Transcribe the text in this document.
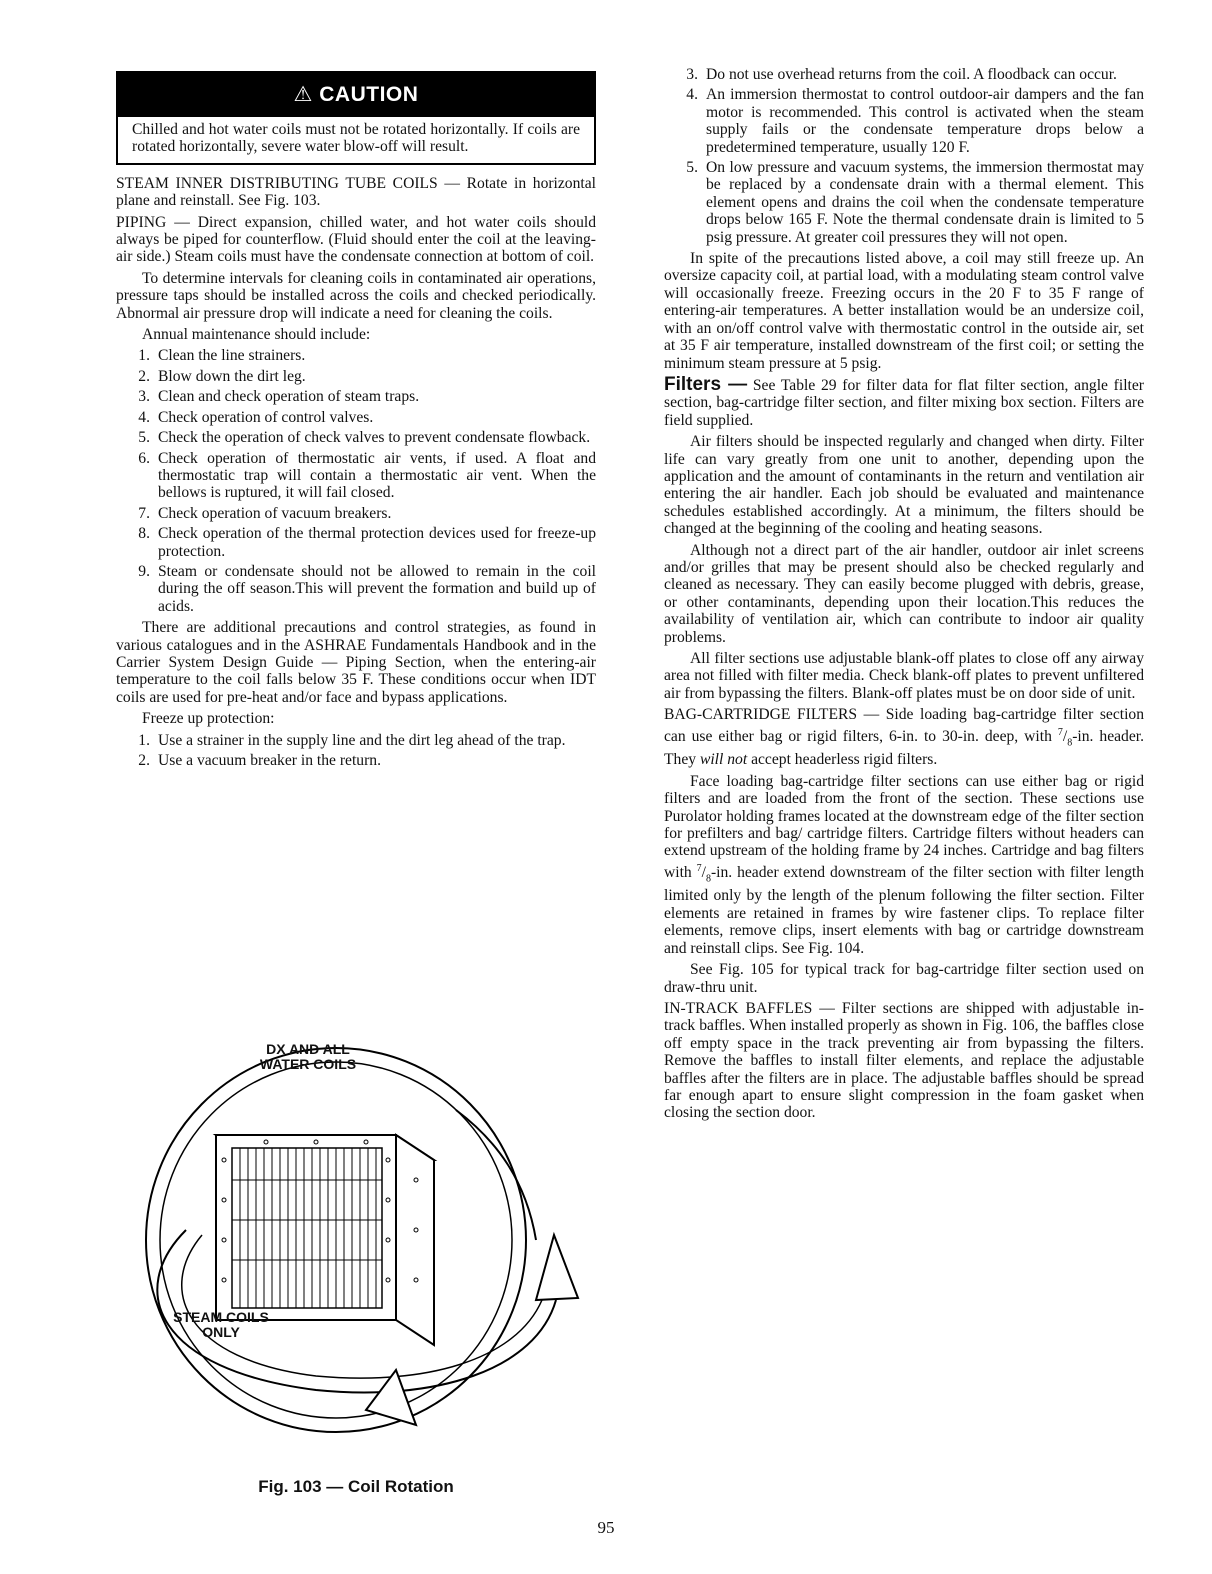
⚠ CAUTION
Chilled and hot water coils must not be rotated horizontally. If coils are rotated horizontally, severe water blow-off will result.

STEAM INNER DISTRIBUTING TUBE COILS — Rotate in horizontal plane and reinstall. See Fig. 103.

PIPING — Direct expansion, chilled water, and hot water coils should always be piped for counterflow. (Fluid should enter the coil at the leaving-air side.) Steam coils must have the condensate connection at bottom of coil.

To determine intervals for cleaning coils in contaminated air operations, pressure taps should be installed across the coils and checked periodically. Abnormal air pressure drop will indicate a need for cleaning the coils.

Annual maintenance should include:

1. Clean the line strainers.
2. Blow down the dirt leg.
3. Clean and check operation of steam traps.
4. Check operation of control valves.
5. Check the operation of check valves to prevent condensate flowback.
6. Check operation of thermostatic air vents, if used. A float and thermostatic trap will contain a thermostatic air vent. When the bellows is ruptured, it will fail closed.
7. Check operation of vacuum breakers.
8. Check operation of the thermal protection devices used for freeze-up protection.
9. Steam or condensate should not be allowed to remain in the coil during the off season.This will prevent the formation and build up of acids.

There are additional precautions and control strategies, as found in various catalogues and in the ASHRAE Fundamentals Handbook and in the Carrier System Design Guide — Piping Section, when the entering-air temperature to the coil falls below 35 F. These conditions occur when IDT coils are used for pre-heat and/or face and bypass applications.

Freeze up protection:

1. Use a strainer in the supply line and the dirt leg ahead of the trap.
2. Use a vacuum breaker in the return.
DX AND ALL WATER COILS
STEAM COILS ONLY
Fig. 103 — Coil Rotation
3. Do not use overhead returns from the coil. A floodback can occur.
4. An immersion thermostat to control outdoor-air dampers and the fan motor is recommended. This control is activated when the steam supply fails or the condensate temperature drops below a predetermined temperature, usually 120 F.
5. On low pressure and vacuum systems, the immersion thermostat may be replaced by a condensate drain with a thermal element. This element opens and drains the coil when the condensate temperature drops below 165 F. Note the thermal condensate drain is limited to 5 psig pressure. At greater coil pressures they will not open.

In spite of the precautions listed above, a coil may still freeze up. An oversize capacity coil, at partial load, with a modulating steam control valve will occasionally freeze. Freezing occurs in the 20 F to 35 F range of entering-air temperatures. A better installation would be an undersize coil, with an on/off control valve with thermostatic control in the outside air, set at 35 F air temperature, installed downstream of the first coil; or setting the minimum steam pressure at 5 psig.

Filters — See Table 29 for filter data for flat filter section, angle filter section, bag-cartridge filter section, and filter mixing box section. Filters are field supplied.

Air filters should be inspected regularly and changed when dirty. Filter life can vary greatly from one unit to another, depending upon the application and the amount of contaminants in the return and ventilation air entering the air handler. Each job should be evaluated and maintenance schedules established accordingly. At a minimum, the filters should be changed at the beginning of the cooling and heating seasons.

Although not a direct part of the air handler, outdoor air inlet screens and/or grilles that may be present should also be checked regularly and cleaned as necessary. They can easily become plugged with debris, grease, or other contaminants, depending upon their location.This reduces the availability of ventilation air, which can contribute to indoor air quality problems.

All filter sections use adjustable blank-off plates to close off any airway area not filled with filter media. Check blank-off plates to prevent unfiltered air from bypassing the filters. Blank-off plates must be on door side of unit.

BAG-CARTRIDGE FILTERS — Side loading bag-cartridge filter section can use either bag or rigid filters, 6-in. to 30-in. deep, with $^7/_8-in$. header. They will not accept headerless rigid filters.

Face loading bag-cartridge filter sections can use either bag or rigid filters and are loaded from the front of the section. These sections use Purolator holding frames located at the downstream edge of the filter section for prefilters and bag/ cartridge filters. Cartridge filters without headers can extend upstream of the holding frame by 24 inches. Cartridge and bag filters with $^7/_8-in$. header extend downstream of the filter section with filter length limited only by the length of the plenum following the filter section. Filter elements are retained in frames by wire fastener clips. To replace filter elements, remove clips, insert elements with bag or cartridge downstream and reinstall clips. See Fig. 104.

See Fig. 105 for typical track for bag-cartridge filter section used on draw-thru unit.

IN-TRACK BAFFLES — Filter sections are shipped with adjustable in-track baffles. When installed properly as shown in Fig. 106, the baffles close off empty space in the track preventing air from bypassing the filters. Remove the baffles to install filter elements, and replace the adjustable baffles after the filters are in place. The adjustable baffles should be spread far enough apart to ensure slight compression in the foam gasket when closing the section door.

95
